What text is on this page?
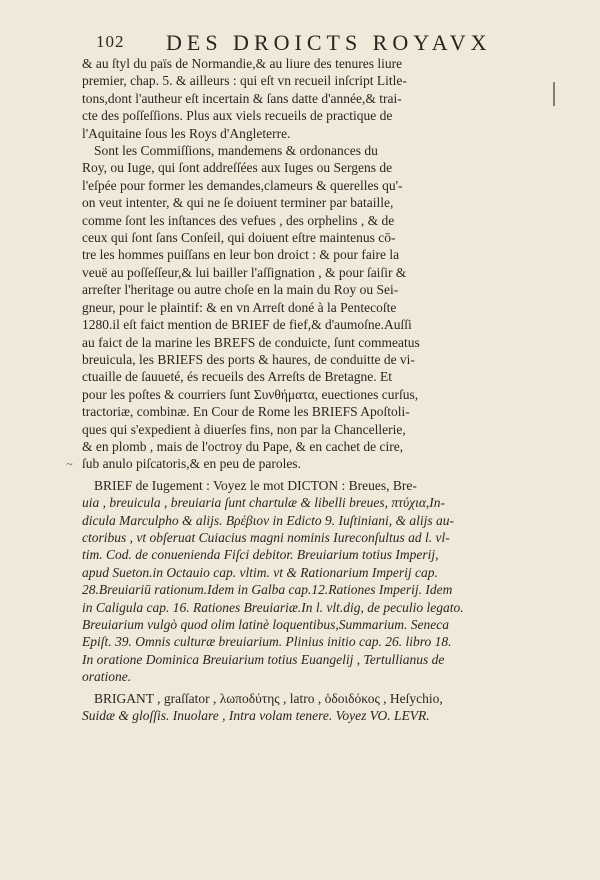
102 DES DROICTS ROYAVX
~
& au ſtyl du païs de Normandie,& au liure des tenures liure
premier, chap. 5. & ailleurs : qui eſt vn recueil inſcript Litle-
tons,dont l'autheur eſt incertain & ſans datte d'année,& trai-
cte des poſſeſſions. Plus aux viels recueils de practique de
l'Aquitaine ſous les Roys d'Angleterre.
Sont les Commiſſions, mandemens & ordonances du
Roy, ou Iuge, qui ſont addreſſées aux Iuges ou Sergens de
l'eſpée pour former les demandes,clameurs & querelles qu'-
on veut intenter, & qui ne ſe doiuent terminer par bataille,
comme ſont les inſtances des vefues , des orphelins , & de
ceux qui ſont ſans Conſeil, qui doiuent eſtre maintenus cō-
tre les hommes puiſſans en leur bon droict : & pour faire la
veuë au poſſeſſeur,& lui bailler l'aſſignation , & pour ſaiſir &
arreſter l'heritage ou autre choſe en la main du Roy ou Sei-
gneur, pour le plaintif: & en vn Arreſt doné à la Pentecoſte
1280.il eſt faict mention de BRIEF de fief,& d'aumoſne.Auſſi
au faict de la marine les BREFS de conduicte, ſunt commeatus
breuicula, les BRIEFS des ports & haures, de conduitte de vi-
ctuaille de ſauueté, és recueils des Arreſts de Bretagne. Et
pour les poſtes & courriers ſunt Συνθήματα, euectiones curſus,
tractoriæ, combinæ. En Cour de Rome les BRIEFS Apoſtoli-
ques qui s'expedient à diuerſes fins, non par la Chancellerie,
& en plomb , mais de l'octroy du Pape, & en cachet de cire,
ſub anulo piſcatoris,& en peu de paroles.
BRIEF de Iugement : Voyez le mot DICTON : Breues, Bre-
uia , breuicula , breuiaria ſunt chartulæ & libelli breues, πτύχια,In-
dicula Marculpho & alijs. Βρέβιον in Edicto 9. Iuſtiniani, & alijs au-
ctoribus , vt obſeruat Cuiacius magni nominis Iureconſultus ad l. vl-
tim. Cod. de conuenienda Fiſci debitor. Breuiarium totius Imperij,
apud Sueton.in Octauio cap. vltim. vt & Rationarium Imperij cap.
28.Breuiariū rationum.Idem in Galba cap.12.Rationes Imperij. Idem
in Caligula cap. 16. Rationes Breuiariæ.In l. vlt.dig, de peculio legato.
Breuiarium vulgò quod olim latinè loquentibus,Summarium. Seneca
Epiſt. 39. Omnis culturæ breuiarium. Plinius initio cap. 26. libro 18.
In oratione Dominica Breuiarium totius Euangelij , Tertullianus de
oratione.
BRIGANT , graſſator , λωποδύτης , latro , ὁδοιδόκος , Heſychio,
Suidæ & gloſſis. Inuolare , Intra volam tenere. Voyez VO. LEVR.
